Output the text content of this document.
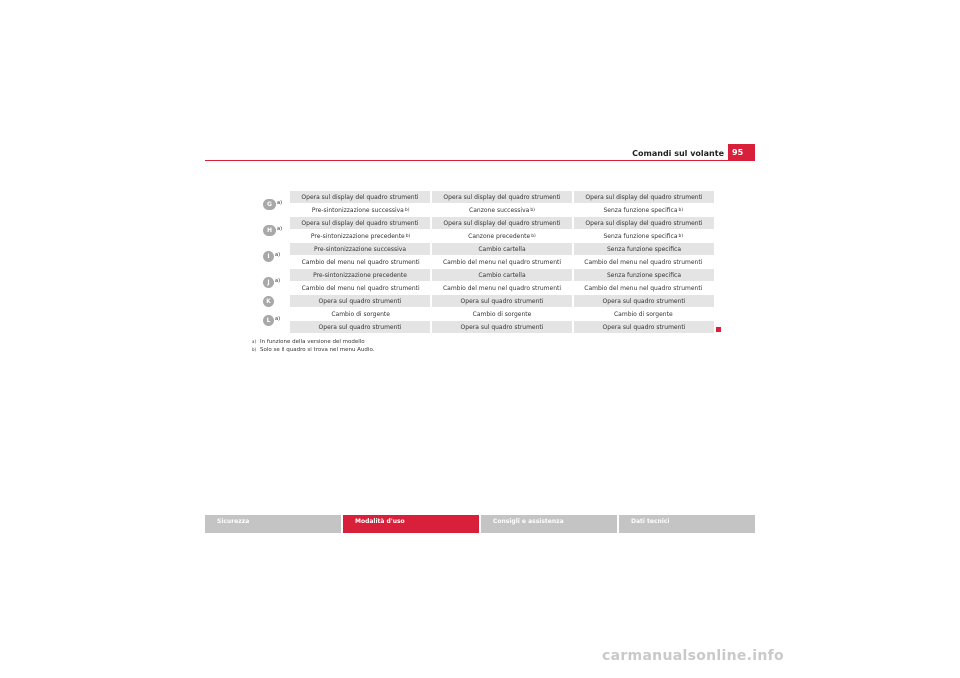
Comandi sul volante	95
G	a)
Opera sul display del quadro strumenti	Opera sul display del quadro strumenti	Opera sul display del quadro strumenti
Pre-sintonizzazione successiva b)	Canzone successiva b)	Senza funzione specifica b)
H a)
Opera sul display del quadro strumenti	Opera sul display del quadro strumenti	Opera sul display del quadro strumenti
Pre-sintonizzazione precedente b)	Canzone precedente b)	Senza funzione specifica b)
I	a)
Pre-sintonizzazione successiva	Cambio cartella	Senza funzione specifica
Cambio del menu nel quadro strumenti	Cambio del menu nel quadro strumenti	Cambio del menu nel quadro strumenti
J	a)
Pre-sintonizzazione precedente	Cambio cartella	Senza funzione specifica
Cambio del menu nel quadro strumenti	Cambio del menu nel quadro strumenti	Cambio del menu nel quadro strumenti
K	Opera sul quadro strumenti	Opera sul quadro strumenti	Opera sul quadro strumenti
L a)
Cambio di sorgente	Cambio di sorgente	Cambio di sorgente
Opera sul quadro strumenti	Opera sul quadro strumenti	Opera sul quadro strumenti
a) In funzione della versione del modello
b) Solo se il quadro si trova nel menu Audio.
Sicurezza	Modalità d'uso	Consigli e assistenza	Dati tecnici
carmanualsonline.info
